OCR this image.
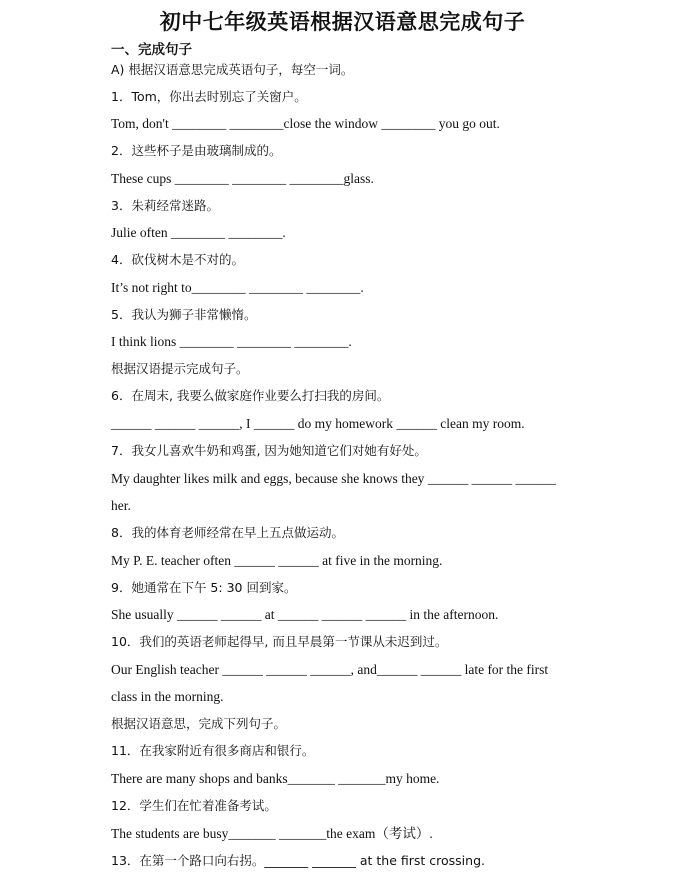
初中七年级英语根据汉语意思完成句子
一、完成句子
A) 根据汉语意思完成英语句子，每空一词。
1．Tom，你出去时别忘了关窗户。
Tom, don't ________ ________close the window ________ you go out.
2．这些杯子是由玻璃制成的。
These cups ________ ________ ________glass.
3．朱莉经常迷路。
Julie often ________ ________.
4．砍伐树木是不对的。
It’s not right to________ ________ ________.
5．我认为狮子非常懒惰。
I think lions ________ ________ ________.
根据汉语提示完成句子。
6．在周末, 我要么做家庭作业要么打扫我的房间。
______ ______ ______, I ______ do my homework ______ clean my room.
7．我女儿喜欢牛奶和鸡蛋, 因为她知道它们对她有好处。
My daughter likes milk and eggs, because she knows they ______ ______ ______
her.
8．我的体育老师经常在早上五点做运动。
My P. E. teacher often ______ ______ at five in the morning.
9．她通常在下午 5: 30 回到家。
She usually ______ ______ at ______ ______ ______ in the afternoon.
10．我们的英语老师起得早, 而且早晨第一节课从未迟到过。
Our English teacher ______ ______ ______, and______ ______ late for the first
class in the morning.
根据汉语意思，完成下列句子。
11．在我家附近有很多商店和银行。
There are many shops and banks_______ _______my home.
12．学生们在忙着准备考试。
The students are busy_______ _______the exam（考试）.
13．在第一个路口向右拐。_______ _______ at the first crossing.
